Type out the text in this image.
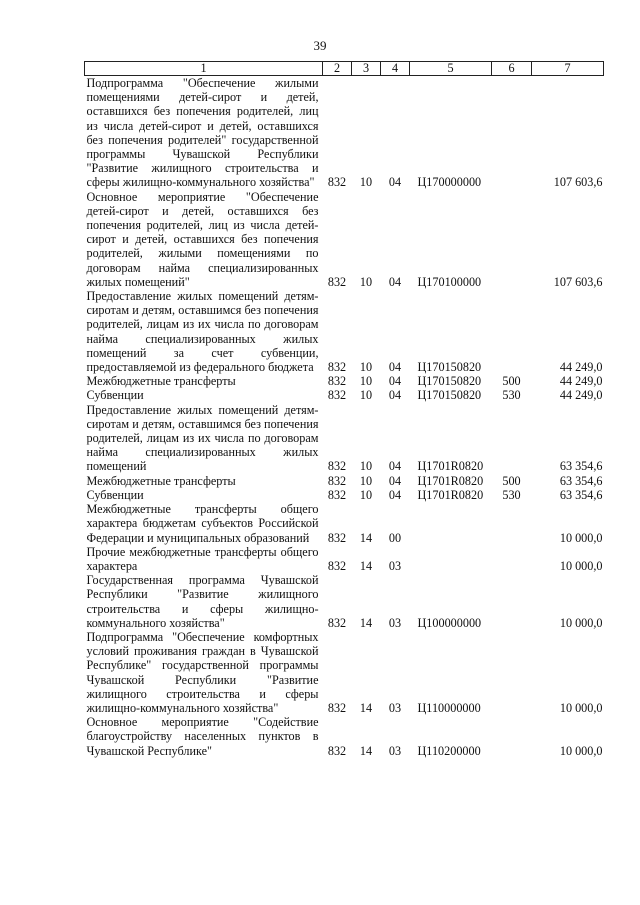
39
1	2	3	4	5	6	7
Подпрограмма "Обеспечение жилыми помещениями детей-сирот и детей, оставшихся без попечения родителей, лиц из числа детей-сирот и детей, оставшихся без попечения родителей" государственной программы Чувашской Республики "Развитие жилищного строительства и сферы жилищно-коммунального хозяйства"	832	10	04	Ц170000000		107 603,6
Основное мероприятие "Обеспечение детей-сирот и детей, оставшихся без попечения родителей, лиц из числа детей-сирот и детей, оставшихся без попечения родителей, жилыми помещениями по договорам найма специализированных жилых помещений"	832	10	04	Ц170100000		107 603,6
Предоставление жилых помещений детям-сиротам и детям, оставшимся без попечения родителей, лицам из их числа по договорам найма специализированных жилых помещений за счет субвенции, предоставляемой из федерального бюджета	832	10	04	Ц170150820		44 249,0
Межбюджетные трансферты	832	10	04	Ц170150820	500	44 249,0
Субвенции	832	10	04	Ц170150820	530	44 249,0
Предоставление жилых помещений детям-сиротам и детям, оставшимся без попечения родителей, лицам из их числа по договорам найма специализированных жилых помещений	832	10	04	Ц1701R0820		63 354,6
Межбюджетные трансферты	832	10	04	Ц1701R0820	500	63 354,6
Субвенции	832	10	04	Ц1701R0820	530	63 354,6
Межбюджетные трансферты общего характера бюджетам субъектов Российской Федерации и муниципальных образований	832	14	00			10 000,0
Прочие межбюджетные трансферты общего характера	832	14	03			10 000,0
Государственная программа Чувашской Республики "Развитие жилищного строительства и сферы жилищно-коммунального хозяйства"	832	14	03	Ц100000000		10 000,0
Подпрограмма "Обеспечение комфортных условий проживания граждан в Чувашской Республике" государственной программы Чувашской Республики "Развитие жилищного строительства и сферы жилищно-коммунального хозяйства"	832	14	03	Ц110000000		10 000,0
Основное мероприятие "Содействие благоустройству населенных пунктов в Чувашской Республике"	832	14	03	Ц110200000		10 000,0
